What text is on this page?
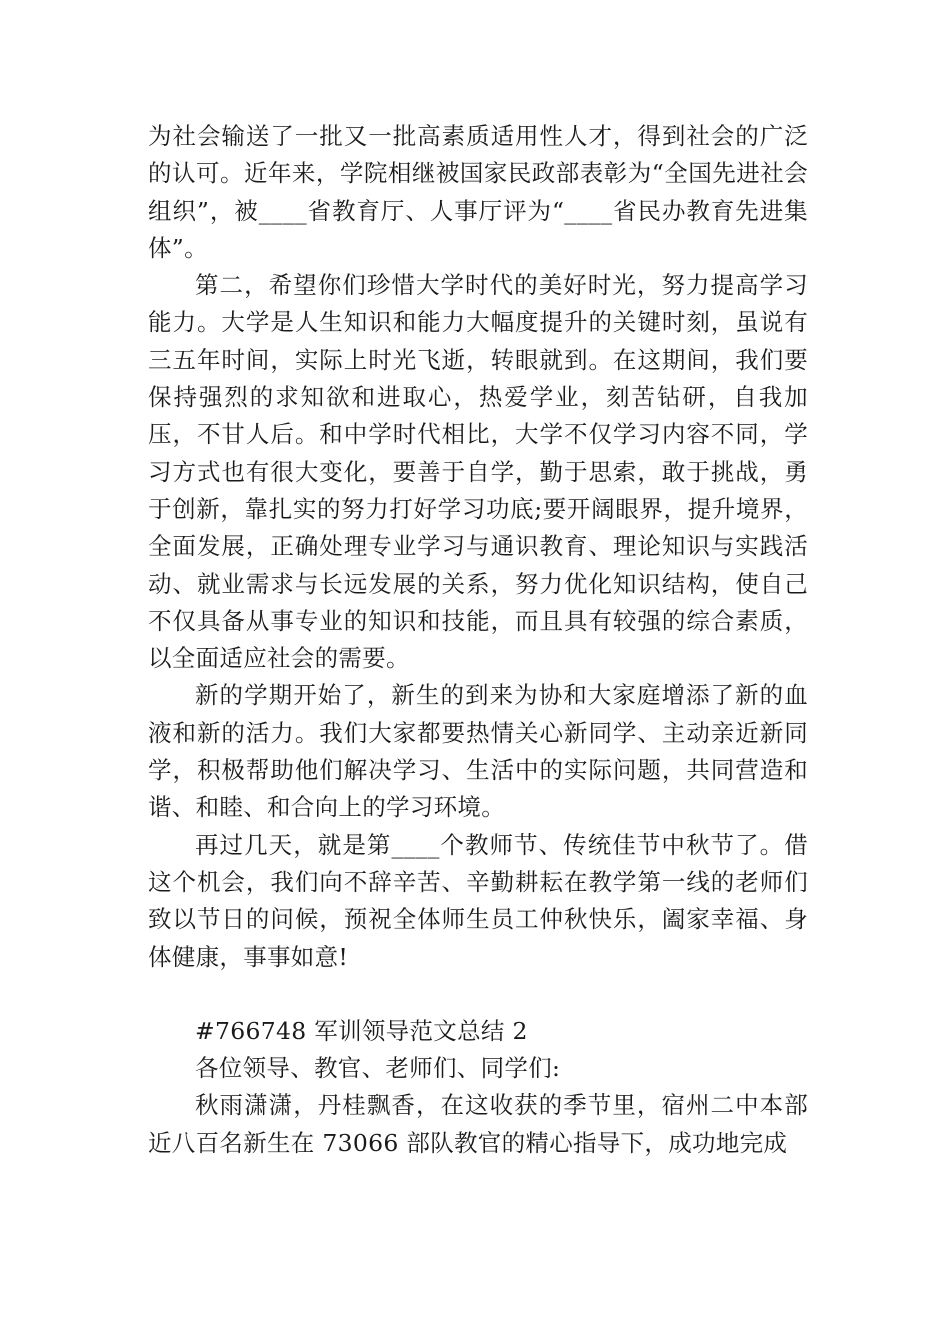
为社会输送了一批又一批高素质适用性人才，得到社会的广泛的认可。近年来，学院相继被国家民政部表彰为“全国先进社会组织”，被____省教育厅、人事厅评为“____省民办教育先进集体”。

第二，希望你们珍惜大学时代的美好时光，努力提高学习能力。大学是人生知识和能力大幅度提升的关键时刻，虽说有三五年时间，实际上时光飞逝，转眼就到。在这期间，我们要保持强烈的求知欲和进取心，热爱学业，刻苦钻研，自我加压，不甘人后。和中学时代相比，大学不仅学习内容不同，学习方式也有很大变化，要善于自学，勤于思索，敢于挑战，勇于创新，靠扎实的努力打好学习功底;要开阔眼界，提升境界，全面发展，正确处理专业学习与通识教育、理论知识与实践活动、就业需求与长远发展的关系，努力优化知识结构，使自己不仅具备从事专业的知识和技能，而且具有较强的综合素质，以全面适应社会的需要。

新的学期开始了，新生的到来为协和大家庭增添了新的血液和新的活力。我们大家都要热情关心新同学、主动亲近新同学，积极帮助他们解决学习、生活中的实际问题，共同营造和谐、和睦、和合向上的学习环境。

再过几天，就是第____个教师节、传统佳节中秋节了。借这个机会，我们向不辞辛苦、辛勤耕耘在教学第一线的老师们致以节日的问候，预祝全体师生员工仲秋快乐，阖家幸福、身体健康，事事如意!

#766748 军训领导范文总结 2

各位领导、教官、老师们、同学们:

秋雨潇潇，丹桂飘香，在这收获的季节里，宿州二中本部近八百名新生在 73066 部队教官的精心指导下，成功地完成
